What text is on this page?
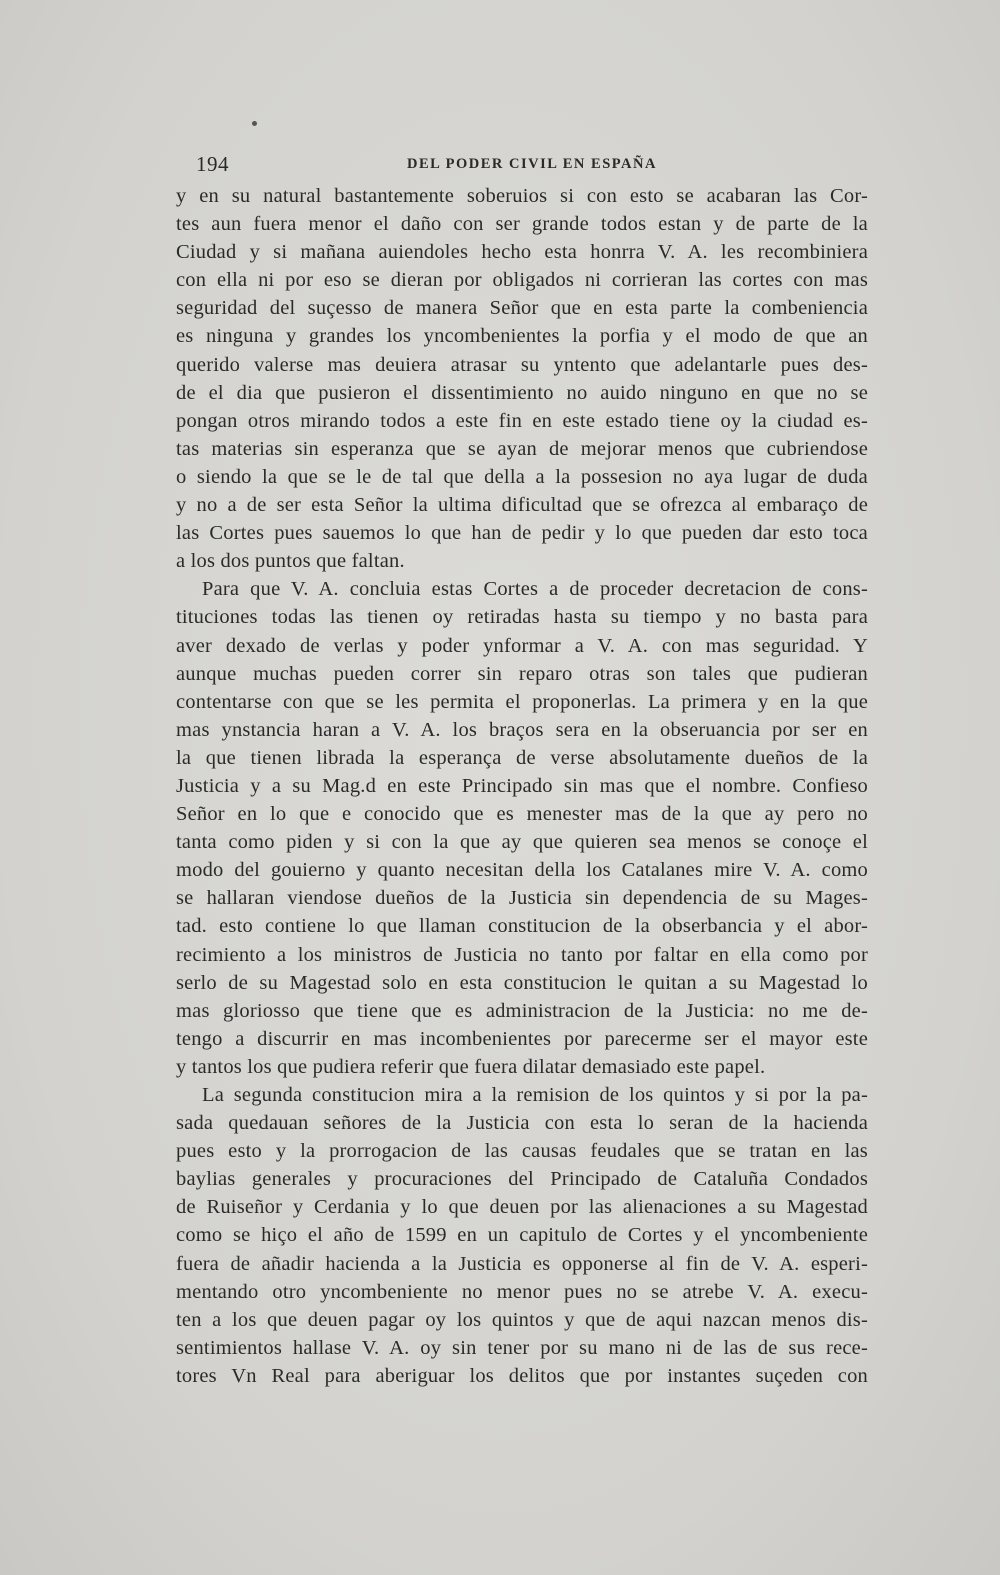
194	DEL PODER CIVIL EN ESPAÑA
y en su natural bastantemente soberuios si con esto se acabaran las Cor-
tes aun fuera menor el daño con ser grande todos estan y de parte de la
Ciudad y si mañana auiendoles hecho esta honrra V. A. les recombiniera
con ella ni por eso se dieran por obligados ni corrieran las cortes con mas
seguridad del suçesso de manera Señor que en esta parte la combeniencia
es ninguna y grandes los yncombenientes la porfia y el modo de que an
querido valerse mas deuiera atrasar su yntento que adelantarle pues des-
de el dia que pusieron el dissentimiento no auido ninguno en que no se
pongan otros mirando todos a este fin en este estado tiene oy la ciudad es-
tas materias sin esperanza que se ayan de mejorar menos que cubriendose
o siendo la que se le de tal que della a la possesion no aya lugar de duda
y no a de ser esta Señor la ultima dificultad que se ofrezca al embaraço de
las Cortes pues sauemos lo que han de pedir y lo que pueden dar esto toca
a los dos puntos que faltan.
Para que V. A. concluia estas Cortes a de proceder decretacion de cons-
tituciones todas las tienen oy retiradas hasta su tiempo y no basta para
aver dexado de verlas y poder ynformar a V. A. con mas seguridad. Y
aunque muchas pueden correr sin reparo otras son tales que pudieran
contentarse con que se les permita el proponerlas. La primera y en la que
mas ynstancia haran a V. A. los braços sera en la obseruancia por ser en
la que tienen librada la esperança de verse absolutamente dueños de la
Justicia y a su Mag.d en este Principado sin mas que el nombre. Confieso
Señor en lo que e conocido que es menester mas de la que ay pero no
tanta como piden y si con la que ay que quieren sea menos se conoçe el
modo del gouierno y quanto necesitan della los Catalanes mire V. A. como
se hallaran viendose dueños de la Justicia sin dependencia de su Mages-
tad. esto contiene lo que llaman constitucion de la obserbancia y el abor-
recimiento a los ministros de Justicia no tanto por faltar en ella como por
serlo de su Magestad solo en esta constitucion le quitan a su Magestad lo
mas gloriosso que tiene que es administracion de la Justicia: no me de-
tengo a discurrir en mas incombenientes por parecerme ser el mayor este
y tantos los que pudiera referir que fuera dilatar demasiado este papel.
La segunda constitucion mira a la remision de los quintos y si por la pa-
sada quedauan señores de la Justicia con esta lo seran de la hacienda
pues esto y la prorrogacion de las causas feudales que se tratan en las
baylias generales y procuraciones del Principado de Cataluña Condados
de Ruiseñor y Cerdania y lo que deuen por las alienaciones a su Magestad
como se hiço el año de 1599 en un capitulo de Cortes y el yncombeniente
fuera de añadir hacienda a la Justicia es opponerse al fin de V. A. esperi-
mentando otro yncombeniente no menor pues no se atrebe V. A. execu-
ten a los que deuen pagar oy los quintos y que de aqui nazcan menos dis-
sentimientos hallase V. A. oy sin tener por su mano ni de las de sus rece-
tores Vn Real para aberiguar los delitos que por instantes suçeden con
